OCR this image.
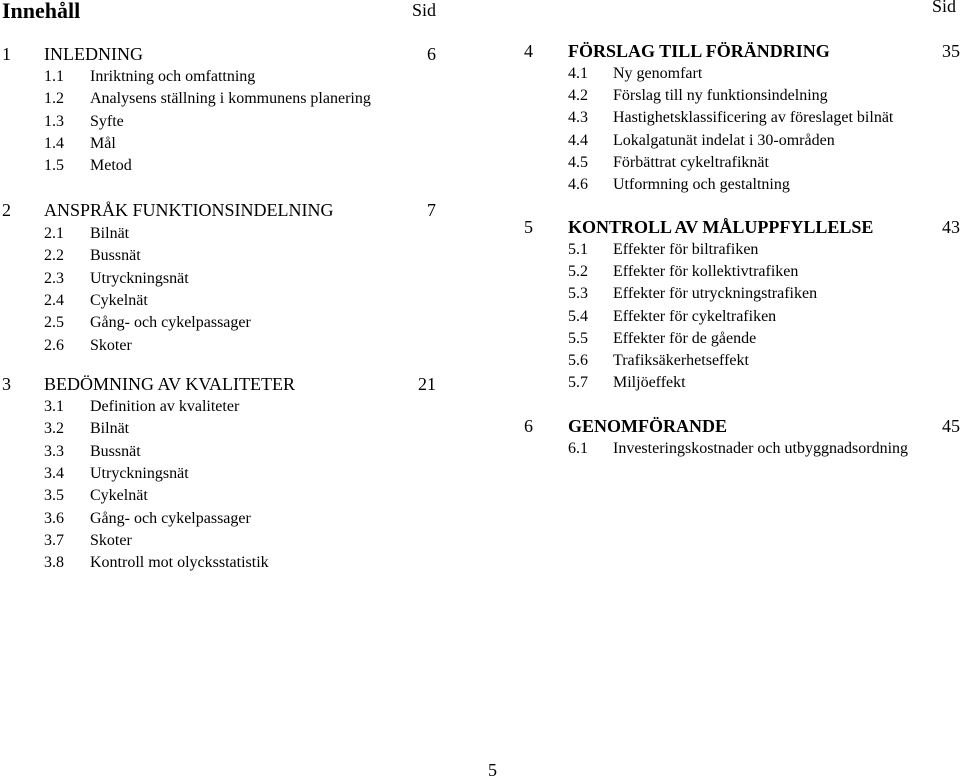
Innehåll	Sid	Sid
1 INLEDNING	6
1.1 Inriktning och omfattning
1.2 Analysens ställning i kommunens planering
1.3 Syfte
1.4 Mål
1.5 Metod
2 ANSPRÅK FUNKTIONSINDELNING	7
2.1 Bilnät
2.2 Bussnät
2.3 Utryckningsnät
2.4 Cykelnät
2.5 Gång- och cykelpassager
2.6 Skoter
3 BEDÖMNING AV KVALITETER	21
3.1 Definition av kvaliteter
3.2 Bilnät
3.3 Bussnät
3.4 Utryckningsnät
3.5 Cykelnät
3.6 Gång- och cykelpassager
3.7 Skoter
3.8 Kontroll mot olycksstatistik
4 FÖRSLAG TILL FÖRÄNDRING	35
4.1 Ny genomfart
4.2 Förslag till ny funktionsindelning
4.3 Hastighetsklassificering av föreslaget bilnät
4.4 Lokalgatunät indelat i 30-områden
4.5 Förbättrat cykeltrafiknät
4.6 Utformning och gestaltning
5 KONTROLL AV MÅLUPPFYLLELSE	43
5.1 Effekter för biltrafiken
5.2 Effekter för kollektivtrafiken
5.3 Effekter för utryckningstrafiken
5.4 Effekter för cykeltrafiken
5.5 Effekter för de gående
5.6 Trafiksäkerhetseffekt
5.7 Miljöeffekt
6 GENOMFÖRANDE	45
6.1 Investeringskostnader och utbyggnadsordning
5
